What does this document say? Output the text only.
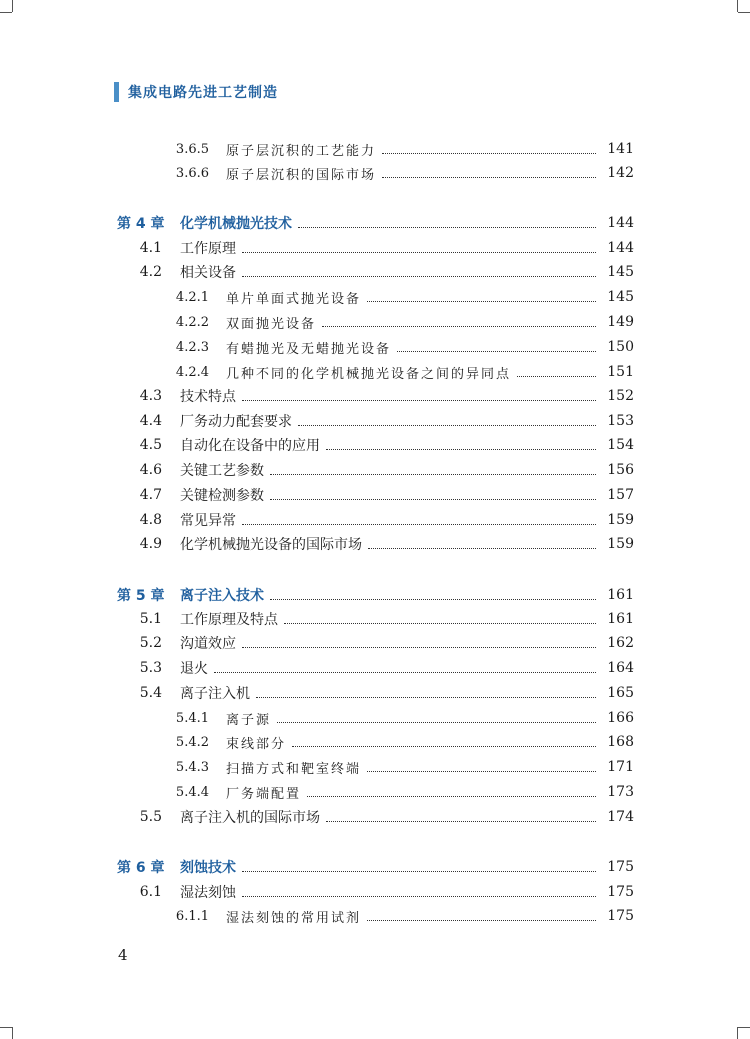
集成电路先进工艺制造
3.6.5 原子层沉积的工艺能力	141
3.6.6 原子层沉积的国际市场	142
第 4 章 化学机械抛光技术	144
4.1 工作原理	144
4.2 相关设备	145
4.2.1 单片单面式抛光设备	145
4.2.2 双面抛光设备	149
4.2.3 有蜡抛光及无蜡抛光设备	150
4.2.4 几种不同的化学机械抛光设备之间的异同点	151
4.3 技术特点	152
4.4 厂务动力配套要求	153
4.5 自动化在设备中的应用	154
4.6 关键工艺参数	156
4.7 关键检测参数	157
4.8 常见异常	159
4.9 化学机械抛光设备的国际市场	159
第 5 章 离子注入技术	161
5.1 工作原理及特点	161
5.2 沟道效应	162
5.3 退火	164
5.4 离子注入机	165
5.4.1 离子源	166
5.4.2 束线部分	168
5.4.3 扫描方式和靶室终端	171
5.4.4 厂务端配置	173
5.5 离子注入机的国际市场	174
第 6 章 刻蚀技术	175
6.1 湿法刻蚀	175
6.1.1 湿法刻蚀的常用试剂	175
4
